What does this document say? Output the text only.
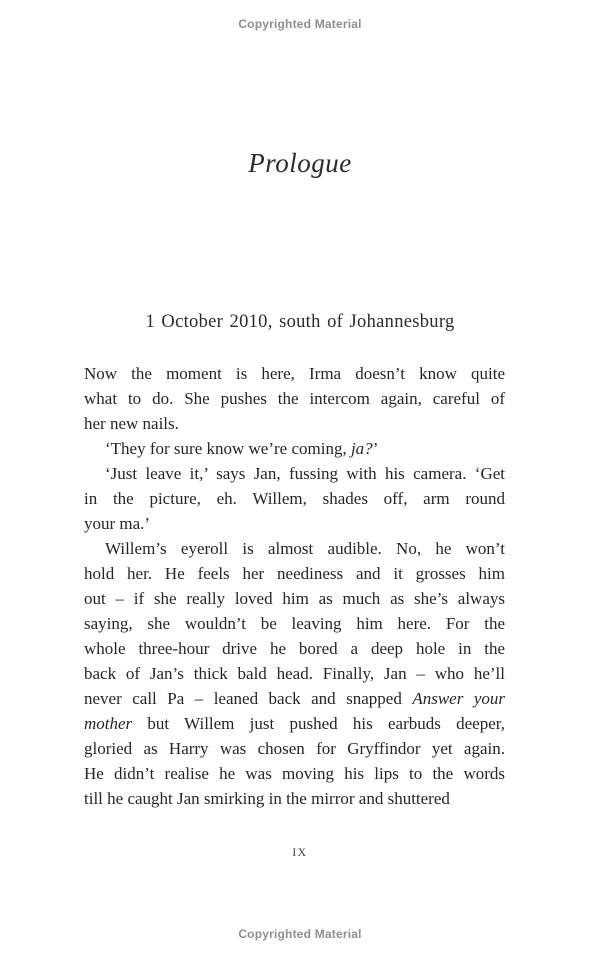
Copyrighted Material
Prologue
1 October 2010, south of Johannesburg
Now the moment is here, Irma doesn’t know quite
what to do. She pushes the intercom again, careful of
her new nails.
‘They for sure know we’re coming, ja?’
‘Just leave it,’ says Jan, fussing with his camera. ‘Get
in the picture, eh. Willem, shades off, arm round
your ma.’
Willem’s eyeroll is almost audible. No, he won’t
hold her. He feels her neediness and it grosses him
out – if she really loved him as much as she’s always
saying, she wouldn’t be leaving him here. For the
whole three-hour drive he bored a deep hole in the
back of Jan’s thick bald head. Finally, Jan – who he’ll
never call Pa – leaned back and snapped Answer your
mother but Willem just pushed his earbuds deeper,
gloried as Harry was chosen for Gryffindor yet again.
He didn’t realise he was moving his lips to the words
till he caught Jan smirking in the mirror and shuttered
IX
Copyrighted Material
